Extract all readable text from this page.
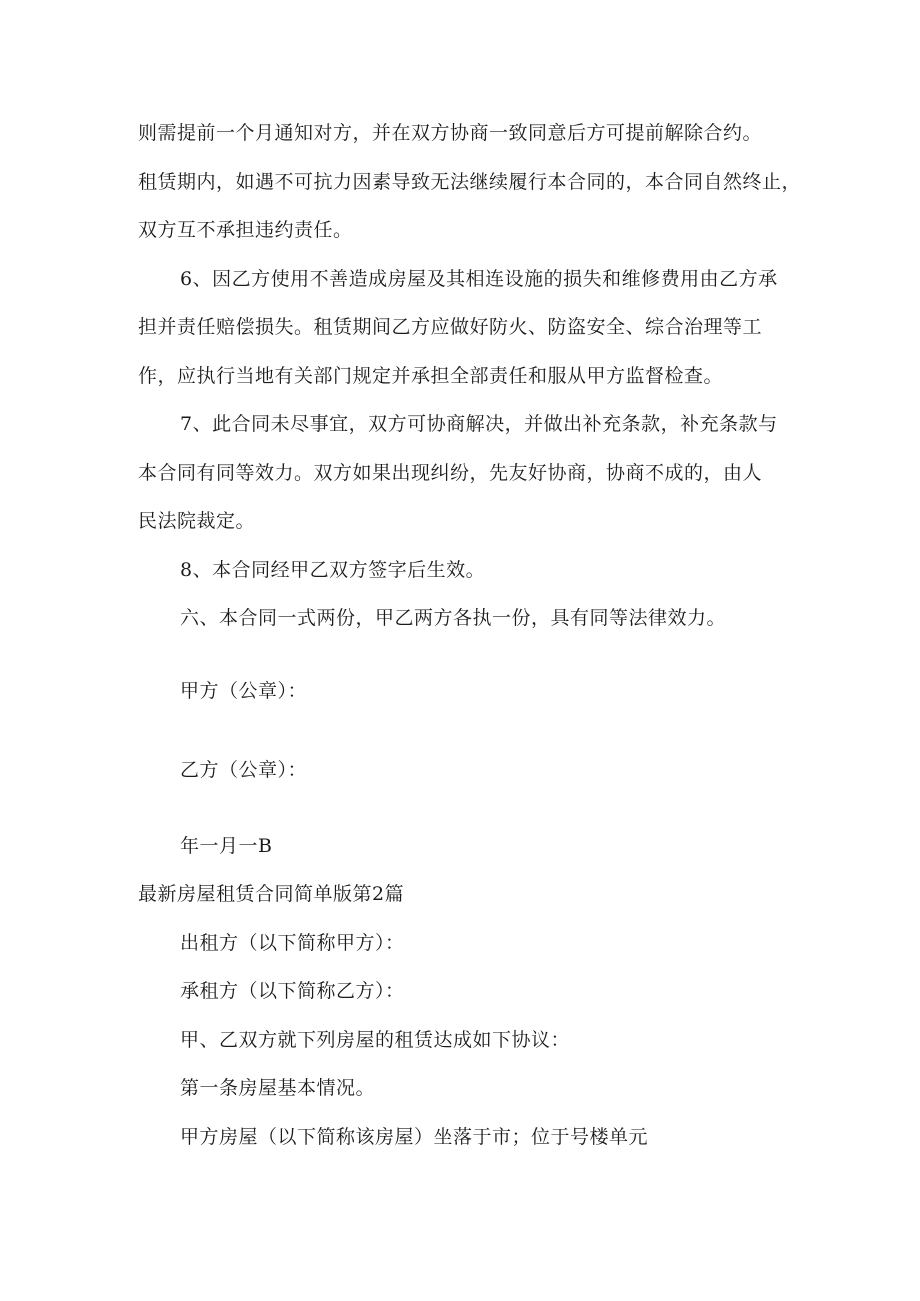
则需提前一个月通知对方，并在双方协商一致同意后方可提前解除合约。
租赁期内，如遇不可抗力因素导致无法继续履行本合同的，本合同自然终止，
双方互不承担违约责任。
6、因乙方使用不善造成房屋及其相连设施的损失和维修费用由乙方承
担并责任赔偿损失。租赁期间乙方应做好防火、防盗安全、综合治理等工
作，应执行当地有关部门规定并承担全部责任和服从甲方监督检查。
7、此合同未尽事宜，双方可协商解决，并做出补充条款，补充条款与
本合同有同等效力。双方如果出现纠纷，先友好协商，协商不成的，由人
民法院裁定。
8、本合同经甲乙双方签字后生效。
六、本合同一式两份，甲乙两方各执一份，具有同等法律效力。
甲方（公章）：
乙方（公章）：
年一月一B
最新房屋租赁合同简单版第2篇
出租方（以下简称甲方）：
承租方（以下简称乙方）：
甲、乙双方就下列房屋的租赁达成如下协议：
第一条房屋基本情况。
甲方房屋（以下简称该房屋）坐落于市；位于号楼单元
